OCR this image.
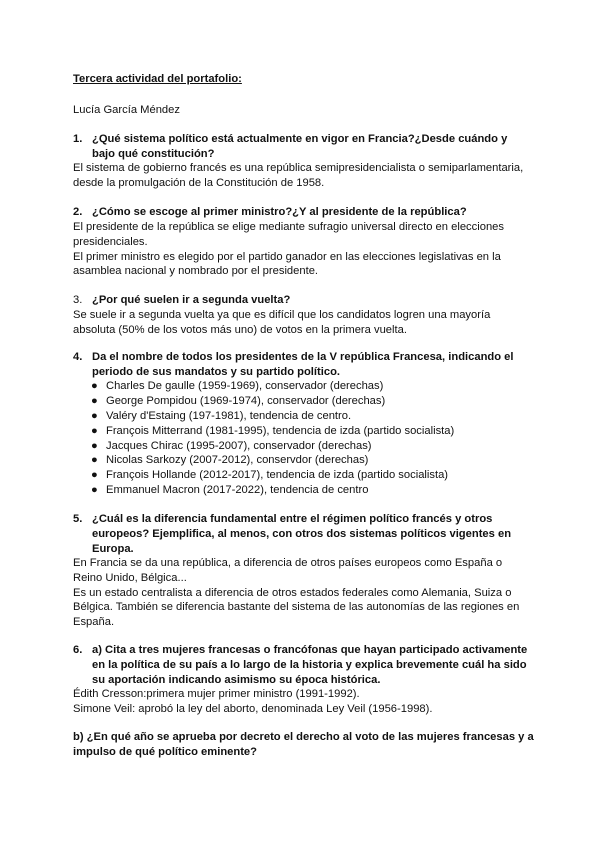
Tercera actividad del portafolio:
Lucía García Méndez
1. ¿Qué sistema político está actualmente en vigor en Francia?¿Desde cuándo y bajo qué constitución?

El sistema de gobierno francés es una república semipresidencialista o semiparlamentaria, desde la promulgación de la Constitución de 1958.

2. ¿Cómo se escoge al primer ministro?¿Y al presidente de la república?

El presidente de la república se elige mediante sufragio universal directo en elecciones presidenciales.

El primer ministro es elegido por el partido ganador en las elecciones legislativas en la asamblea nacional y nombrado por el presidente.

3. ¿Por qué suelen ir a segunda vuelta?

Se suele ir a segunda vuelta ya que es difícil que los candidatos logren una mayoría absoluta (50% de los votos más uno) de votos en la primera vuelta.

4. Da el nombre de todos los presidentes de la V república Francesa, indicando el periodo de sus mandatos y su partido político.
● Charles De gaulle (1959-1969), conservador (derechas)
● George Pompidou (1969-1974), conservador (derechas)
● Valéry d'Estaing (197-1981), tendencia de centro.
● François Mitterrand (1981-1995), tendencia de izda (partido socialista)
● Jacques Chirac (1995-2007), conservador (derechas)
● Nicolas Sarkozy (2007-2012), conservdor (derechas)
● François Hollande (2012-2017), tendencia de izda (partido socialista)
● Emmanuel Macron (2017-2022), tendencia de centro
5. ¿Cuál es la diferencia fundamental entre el régimen político francés y otros europeos? Ejemplifica, al menos, con otros dos sistemas políticos vigentes en Europa.

En Francia se da una república, a diferencia de otros países europeos como España o Reino Unido, Bélgica...

Es un estado centralista a diferencia de otros estados federales como Alemania, Suiza o Bélgica. También se diferencia bastante del sistema de las autonomías de las regiones en España.

6. a) Cita a tres mujeres francesas o francófonas que hayan participado activamente en la política de su país a lo largo de la historia y explica brevemente cuál ha sido su aportación indicando asimismo su época histórica.

Édith Cresson:primera mujer primer ministro (1991-1992).

Simone Veil: aprobó la ley del aborto, denominada Ley Veil (1956-1998).

b) ¿En qué año se aprueba por decreto el derecho al voto de las mujeres francesas y a impulso de qué político eminente?
